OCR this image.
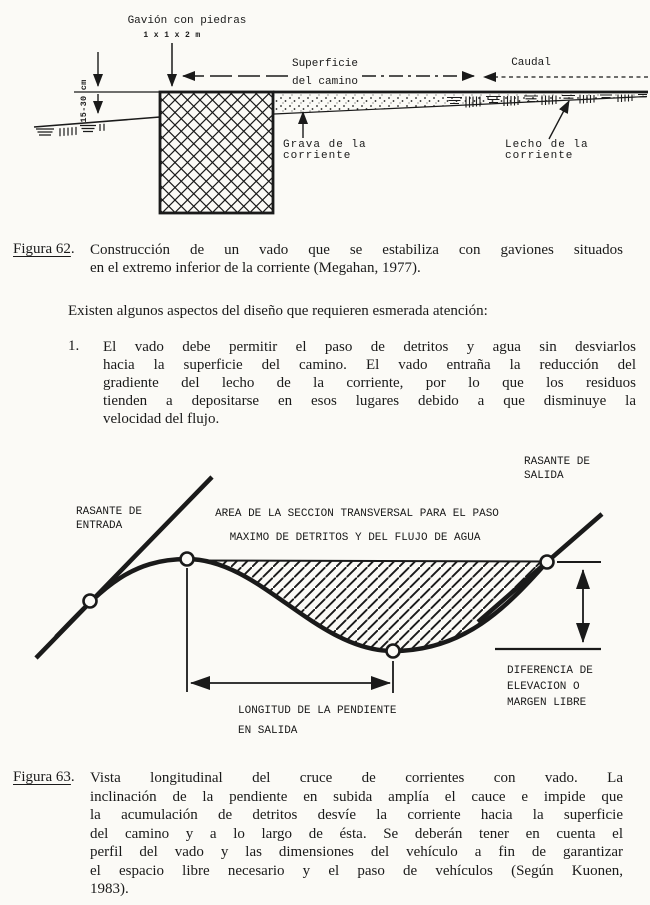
Gavión con piedras
1 x 1 x 2 m
15-30 cm
Superficie
del camino
Caudal
Grava de la
corriente
Lecho de la
corriente
Figura 62.	Construcción de un vado que se estabiliza con gaviones situados
en el extremo inferior de la corriente (Megahan, 1977).
Existen algunos aspectos del diseño que requieren esmerada atención:
1.	El vado debe permitir el paso de detritos y agua sin desviarlos
hacia la superficie del camino. El vado entraña la reducción del
gradiente del lecho de la corriente, por lo que los residuos
tienden a depositarse en esos lugares debido a que disminuye la
velocidad del flujo.
RASANTE DE
ENTRADA
RASANTE DE
SALIDA
AREA DE LA SECCION TRANSVERSAL PARA EL PASO
MAXIMO DE DETRITOS Y DEL FLUJO DE AGUA
DIFERENCIA DE
ELEVACION O
MARGEN LIBRE
LONGITUD DE LA PENDIENTE
EN SALIDA
Figura 63.	Vista longitudinal del cruce de corrientes con vado. La
inclinación de la pendiente en subida amplía el cauce e impide que
la acumulación de detritos desvíe la corriente hacia la superficie
del camino y a lo largo de ésta. Se deberán tener en cuenta el
perfil del vado y las dimensiones del vehículo a fin de garantizar
el espacio libre necesario y el paso de vehículos (Según Kuonen,
1983).
